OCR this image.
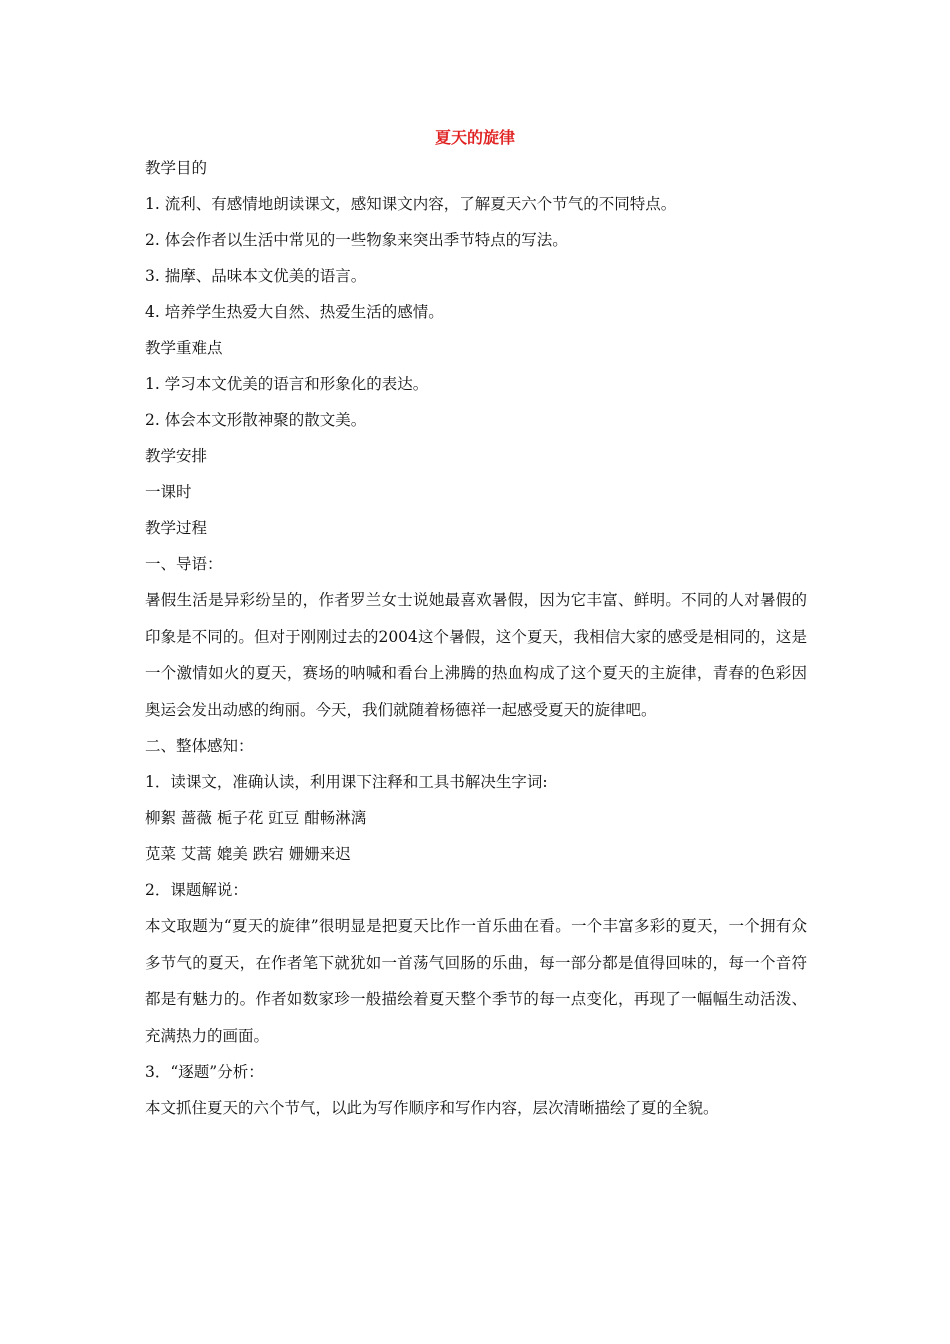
夏天的旋律
教学目的
1. 流利、有感情地朗读课文，感知课文内容，了解夏天六个节气的不同特点。
2. 体会作者以生活中常见的一些物象来突出季节特点的写法。
3. 揣摩、品味本文优美的语言。
4. 培养学生热爱大自然、热爱生活的感情。
教学重难点
1. 学习本文优美的语言和形象化的表达。
2. 体会本文形散神聚的散文美。
教学安排
一课时
教学过程
一、导语：

暑假生活是异彩纷呈的，作者罗兰女士说她最喜欢暑假，因为它丰富、鲜明。不同的人对暑假的印象是不同的。但对于刚刚过去的2004这个暑假，这个夏天，我相信大家的感受是相同的，这是一个激情如火的夏天，赛场的呐喊和看台上沸腾的热血构成了这个夏天的主旋律，青春的色彩因奥运会发出动感的绚丽。今天，我们就随着杨德祥一起感受夏天的旋律吧。

二、整体感知：
1．读课文，准确认读，利用课下注释和工具书解决生字词:
柳絮 蔷薇 栀子花 豇豆 酣畅淋漓
苋菜 艾蒿 媲美 跌宕 姗姗来迟
2．课题解说：

本文取题为“夏天的旋律”很明显是把夏天比作一首乐曲在看。一个丰富多彩的夏天，一个拥有众多节气的夏天，在作者笔下就犹如一首荡气回肠的乐曲，每一部分都是值得回味的，每一个音符都是有魅力的。作者如数家珍一般描绘着夏天整个季节的每一点变化，再现了一幅幅生动活泼、充满热力的画面。

3．“逐题”分析：

本文抓住夏天的六个节气，以此为写作顺序和写作内容，层次清晰描绘了夏的全貌。
